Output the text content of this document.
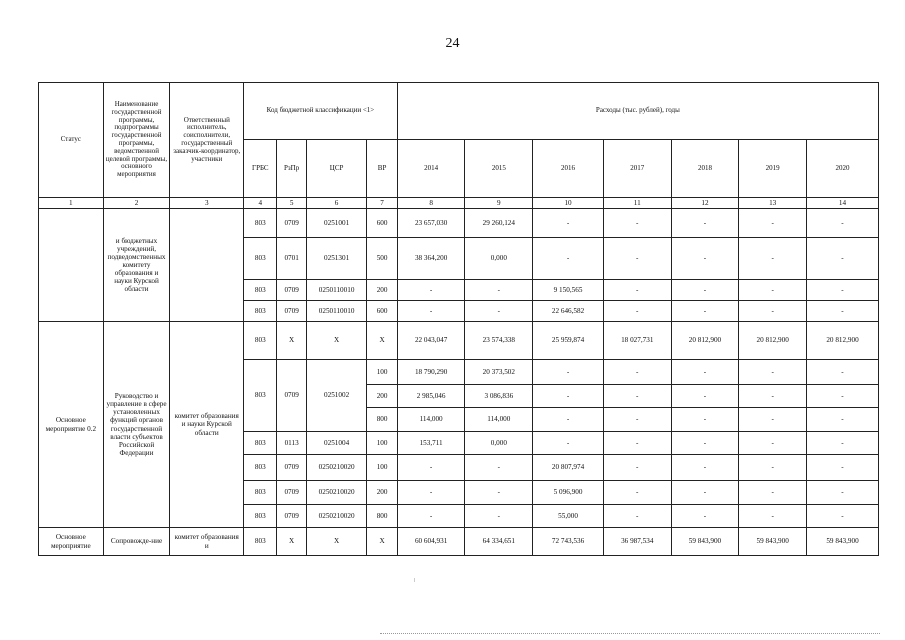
24
Статус	Наименование государственной программы, подпрограммы государственной программы, ведомственной целевой программы, основного мероприятия	Ответственный исполнитель, соисполнители, государственный заказчик-координатор, участники	Код бюджетной классификации <1>				Расходы (тыс. рублей), годы						
			ГРБС	РзПр	ЦСР	ВР	2014	2015	2016	2017	2018	2019	2020
1	2	3	4	5	6	7	8	9	10	11	12	13	14
	и бюджетных учреждений, подведомственных комитету образования и науки Курской области		803	0709	0251001	600	23 657,030	29 260,124	-	-	-	-	-
			803	0701	0251301	500	38 364,200	0,000	-	-	-	-	-
			803	0709	0250110010	200	-	-	9 150,565	-	-	-	-
			803	0709	0250110010	600	-	-	22 646,582	-	-	-	-
Основное мероприятие 0.2	Руководство и управление в сфере установленных функций органов государственной власти субъектов Российской Федерации	комитет образования и науки Курской области	803	Х	Х	Х	22 043,047	23 574,338	25 959,874	18 027,731	20 812,900	20 812,900	20 812,900
			803	0709	0251002	100	18 790,290	20 373,502	-	-	-	-	-
						200	2 985,046	3 086,836	-	-	-	-	-
						800	114,000	114,000	-	-	-	-	-
			803	0113	0251004	100	153,711	0,000	-	-	-	-	-
			803	0709	0250210020	100	-	-	20 807,974	-	-	-	-
			803	0709	0250210020	200	-	-	5 096,900	-	-	-	-
			803	0709	0250210020	800	-	-	55,000	-	-	-	-
Основное мероприятие	Сопровожде-ние	комитет образования и	803	Х	Х	Х	60 604,931	64 334,651	72 743,536	36 987,534	59 843,900	59 843,900	59 843,900
